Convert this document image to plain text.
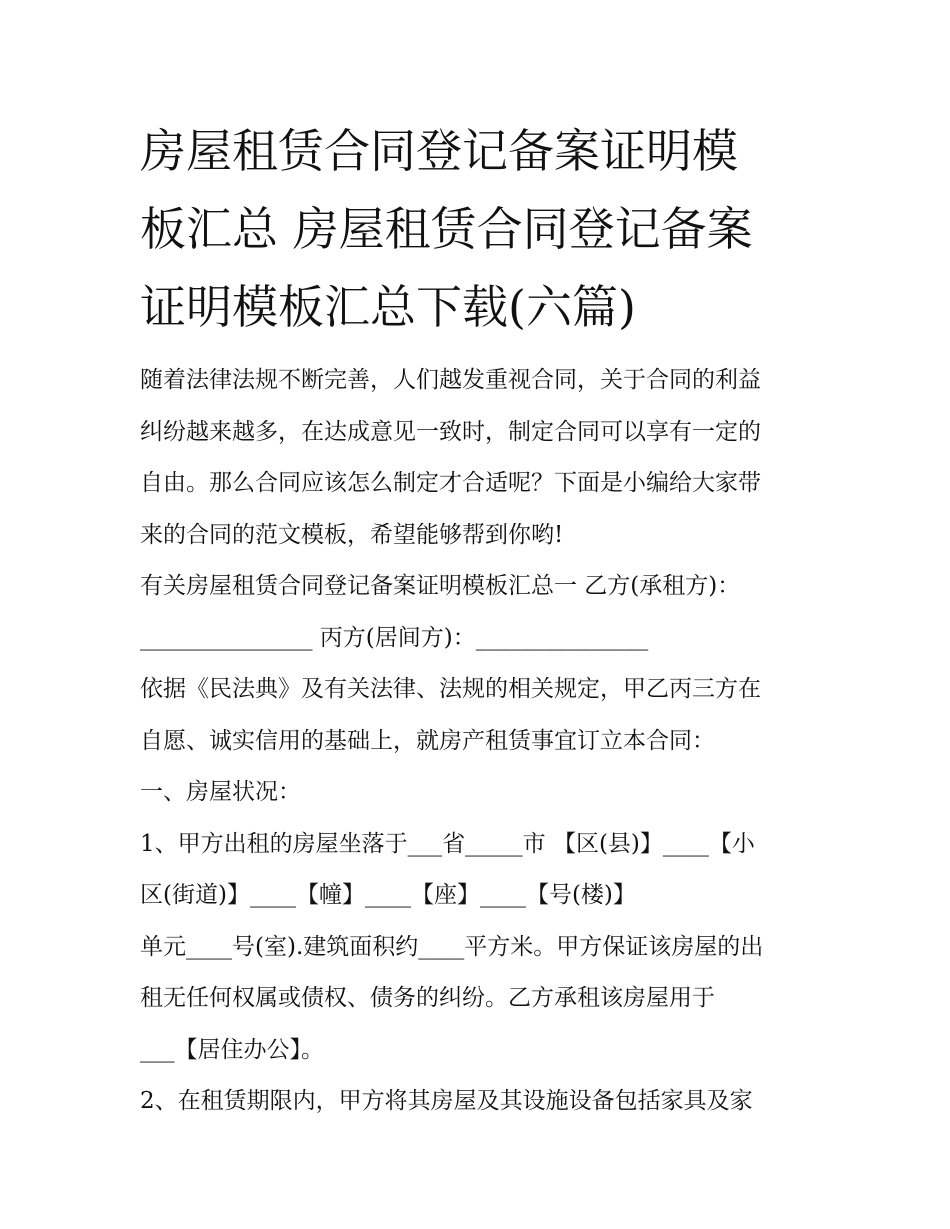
房屋租赁合同登记备案证明模
板汇总 房屋租赁合同登记备案
证明模板汇总下载(六篇)
随着法律法规不断完善，人们越发重视合同，关于合同的利益
纠纷越来越多，在达成意见一致时，制定合同可以享有一定的
自由。那么合同应该怎么制定才合适呢？下面是小编给大家带
来的合同的范文模板，希望能够帮到你哟!
有关房屋租赁合同登记备案证明模板汇总一 乙方(承租方)：
_______________ 丙方(居间方)：_______________
依据《民法典》及有关法律、法规的相关规定，甲乙丙三方在
自愿、诚实信用的基础上，就房产租赁事宜订立本合同：
一、房屋状况：
1、甲方出租的房屋坐落于___省_____市 【区(县)】____【小
区(街道)】____【幢】____【座】____【号(楼)】
单元____号(室).建筑面积约____平方米。甲方保证该房屋的出
租无任何权属或债权、债务的纠纷。乙方承租该房屋用于
___【居住办公】。
2、在租赁期限内，甲方将其房屋及其设施设备包括家具及家
